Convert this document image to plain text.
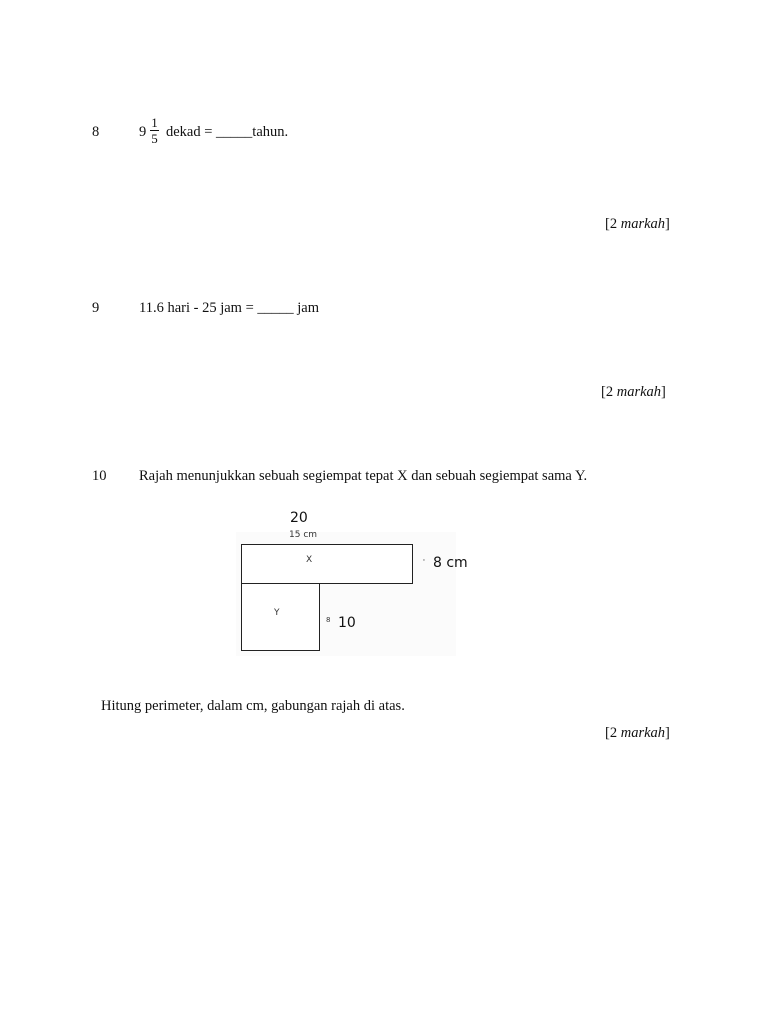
8	9
1
5 dekad = _____tahun.
[2 markah]
9	11.6 hari - 25 jam = _____ jam
[2 markah]
10 Rajah menunjukkan sebuah segiempat tepat X dan sebuah segiempat sama Y.
20
15 cm
X
Y
' 8 cm
8 10
Hitung perimeter, dalam cm, gabungan rajah di atas.
[2 markah]
